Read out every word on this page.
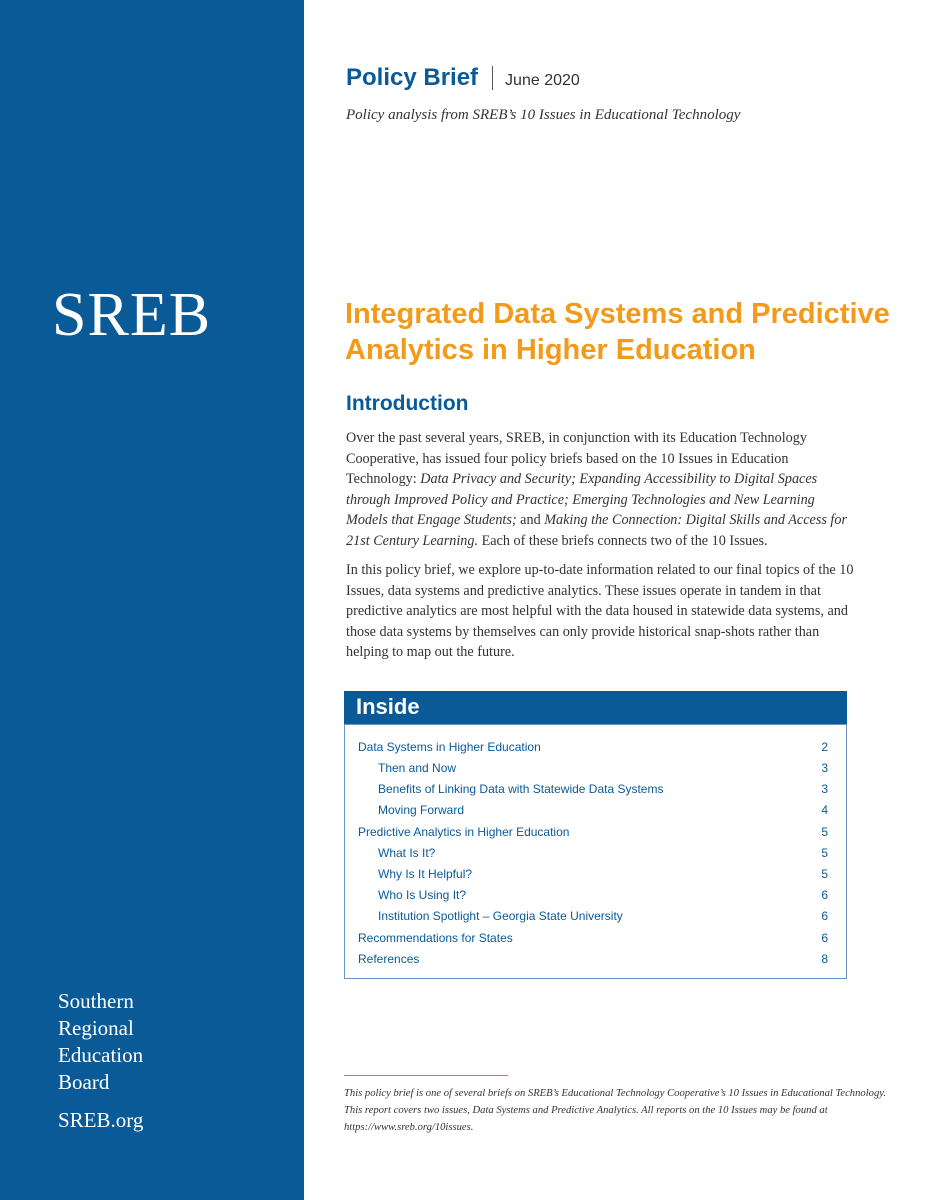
SREB
Southern
Regional
Education
Board
SREB.org
Policy Brief June 2020
Policy analysis from SREB’s 10 Issues in Educational Technology
Integrated Data Systems and Predictive Analytics in Higher Education
Introduction

Over the past several years, SREB, in conjunction with its Education Technology Cooperative, has issued four policy briefs based on the 10 Issues in Education Technology: Data Privacy and Security; Expanding Accessibility to Digital Spaces through Improved Policy and Practice; Emerging Technologies and New Learning Models that Engage Students; and Making the Connection: Digital Skills and Access for 21st Century Learning. Each of these briefs connects two of the 10 Issues.

In this policy brief, we explore up-to-date information related to our final topics of the 10 Issues, data systems and predictive analytics. These issues operate in tandem in that predictive analytics are most helpful with the data housed in statewide data systems, and those data systems by themselves can only provide historical snap-shots rather than helping to map out the future.

Inside
Data Systems in Higher Education	2
Then and Now	3
Benefits of Linking Data with Statewide Data Systems	3
Moving Forward	4
Predictive Analytics in Higher Education	5
What Is It?	5
Why Is It Helpful?	5
Who Is Using It?	6
Institution Spotlight – Georgia State University	6
Recommendations for States	6
References	8
This policy brief is one of several briefs on SREB’s Educational Technology Cooperative’s 10 Issues in Educational Technology. This report covers two issues, Data Systems and Predictive Analytics. All reports on the 10 Issues may be found at https://www.sreb.org/10issues.
